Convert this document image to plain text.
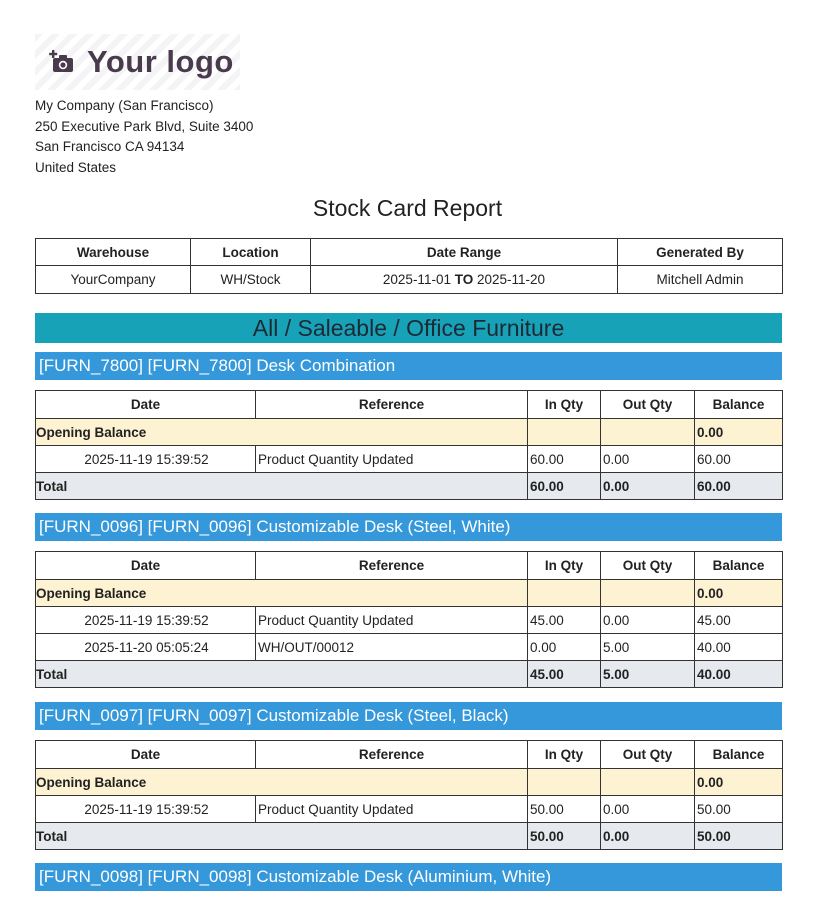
Your logo
My Company (San Francisco)
250 Executive Park Blvd, Suite 3400
San Francisco CA 94134
United States
Stock Card Report
Warehouse	Location	Date Range	Generated By
YourCompany	WH/Stock	2025-11-01 TO 2025-11-20	Mitchell Admin
All / Saleable / Office Furniture
[FURN_7800] [FURN_7800] Desk Combination
Date	Reference	In Qty	Out Qty	Balance
Opening Balance				0.00
2025-11-19 15:39:52	Product Quantity Updated	60.00	0.00	60.00
Total		60.00	0.00	60.00
[FURN_0096] [FURN_0096] Customizable Desk (Steel, White)
Date	Reference	In Qty	Out Qty	Balance
Opening Balance				0.00
2025-11-19 15:39:52	Product Quantity Updated	45.00	0.00	45.00
2025-11-20 05:05:24	WH/OUT/00012	0.00	5.00	40.00
Total		45.00	5.00	40.00
[FURN_0097] [FURN_0097] Customizable Desk (Steel, Black)
Date	Reference	In Qty	Out Qty	Balance
Opening Balance				0.00
2025-11-19 15:39:52	Product Quantity Updated	50.00	0.00	50.00
Total		50.00	0.00	50.00
[FURN_0098] [FURN_0098] Customizable Desk (Aluminium, White)
